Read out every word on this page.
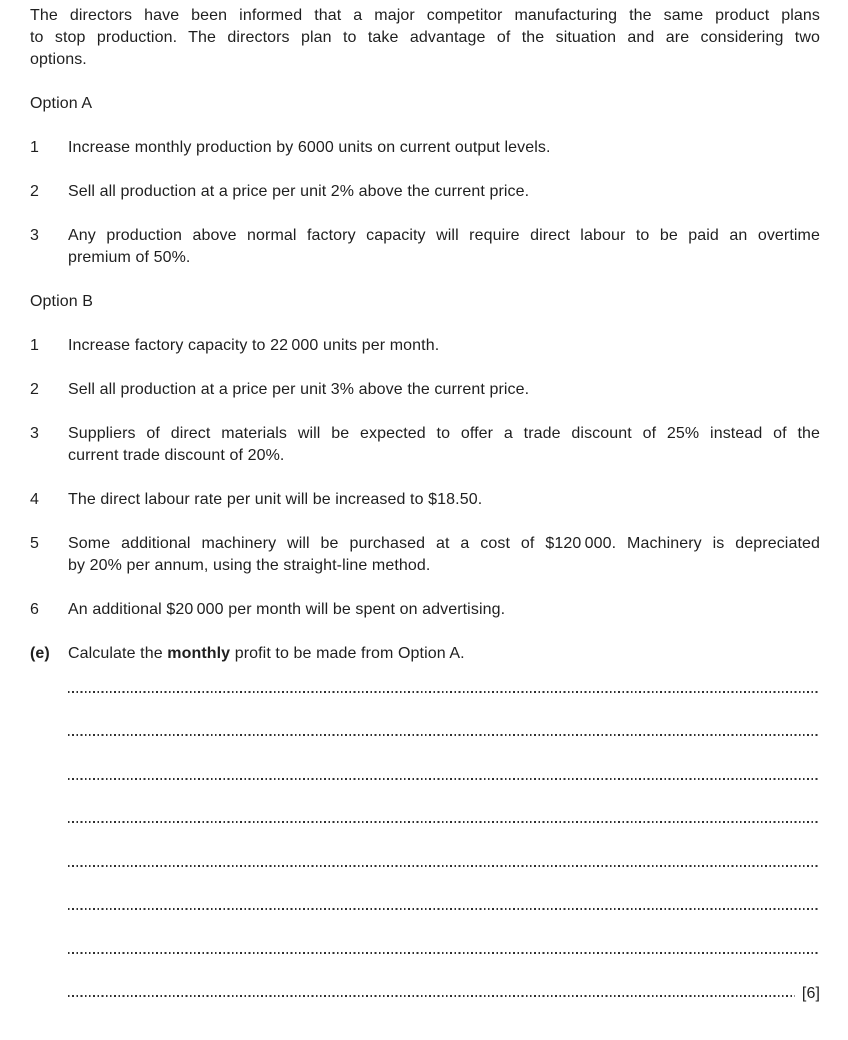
The directors have been informed that a major competitor manufacturing the same product plans
to stop production. The directors plan to take advantage of the situation and are considering two
options.
Option A
1	Increase monthly production by 6000 units on current output levels.
2	Sell all production at a price per unit 2% above the current price.
3	Any production above normal factory capacity will require direct labour to be paid an overtime
premium of 50%.
Option B
1	Increase factory capacity to 22 000 units per month.
2	Sell all production at a price per unit 3% above the current price.
3	Suppliers of direct materials will be expected to offer a trade discount of 25% instead of the
current trade discount of 20%.
4	The direct labour rate per unit will be increased to $18.50.
5	Some additional machinery will be purchased at a cost of $120 000. Machinery is depreciated
by 20% per annum, using the straight-line method.
6	An additional $20 000 per month will be spent on advertising.
(e)	Calculate the monthly profit to be made from Option A.
[6]
